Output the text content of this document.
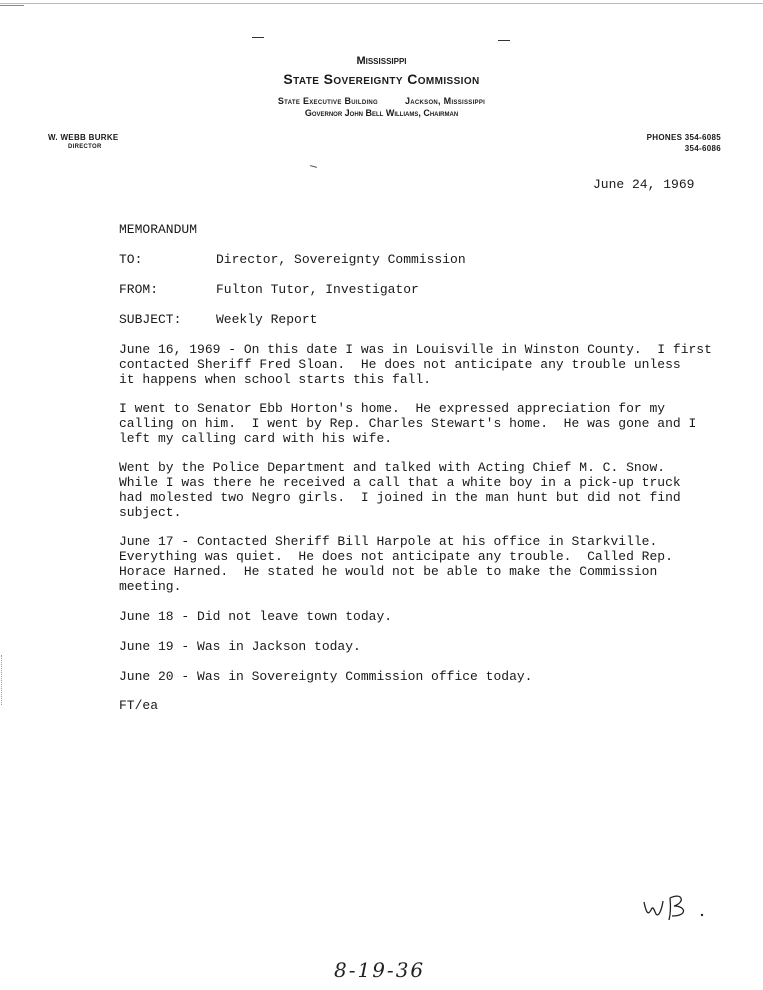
Mississippi
State Sovereignty Commission
State Executive Building	Jackson, Mississippi
Governor John Bell Williams, Chairman
W. WEBB BURKE
DIRECTOR
PHONES 354-6085
354-6086
June 24, 1969
MEMORANDUM
TO:	Director, Sovereignty Commission
FROM:	Fulton Tutor, Investigator
SUBJECT:	Weekly Report
June 16, 1969 - On this date I was in Louisville in Winston County.  I first
contacted Sheriff Fred Sloan.  He does not anticipate any trouble unless
it happens when school starts this fall.
I went to Senator Ebb Horton's home.  He expressed appreciation for my
calling on him.  I went by Rep. Charles Stewart's home.  He was gone and I
left my calling card with his wife.
Went by the Police Department and talked with Acting Chief M. C. Snow.
While I was there he received a call that a white boy in a pick-up truck
had molested two Negro girls.  I joined in the man hunt but did not find
subject.
June 17 - Contacted Sheriff Bill Harpole at his office in Starkville.
Everything was quiet.  He does not anticipate any trouble.  Called Rep.
Horace Harned.  He stated he would not be able to make the Commission
meeting.
June 18 - Did not leave town today.
June 19 - Was in Jackson today.
June 20 - Was in Sovereignty Commission office today.
FT/ea
8-19-36
